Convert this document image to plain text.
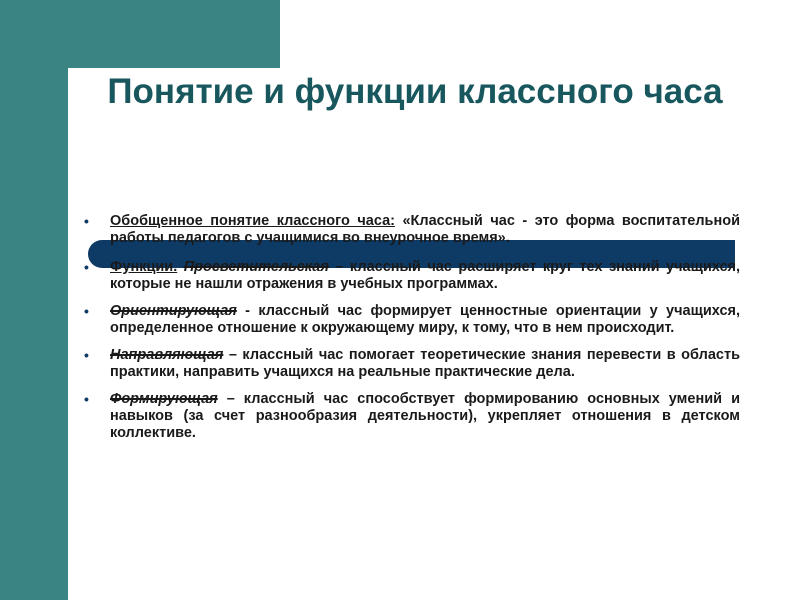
Понятие и функции классного часа
• Обобщенное понятие классного часа: «Классный час - это форма воспитательной работы педагогов с учащимися во внеурочное время».
• Функции. Просветительская – классный час расширяет круг тех знаний учащихся, которые не нашли отражения в учебных программах.
• Ориентирующая - классный час формирует ценностные ориентации у учащихся, определенное отношение к окружающему миру, к тому, что в нем происходит.
• Направляющая – классный час помогает теоретические знания перевести в область практики, направить учащихся на реальные практические дела.
• Формирующая – классный час способствует формированию основных умений и навыков (за счет разнообразия деятельности), укрепляет отношения в детском коллективе.
